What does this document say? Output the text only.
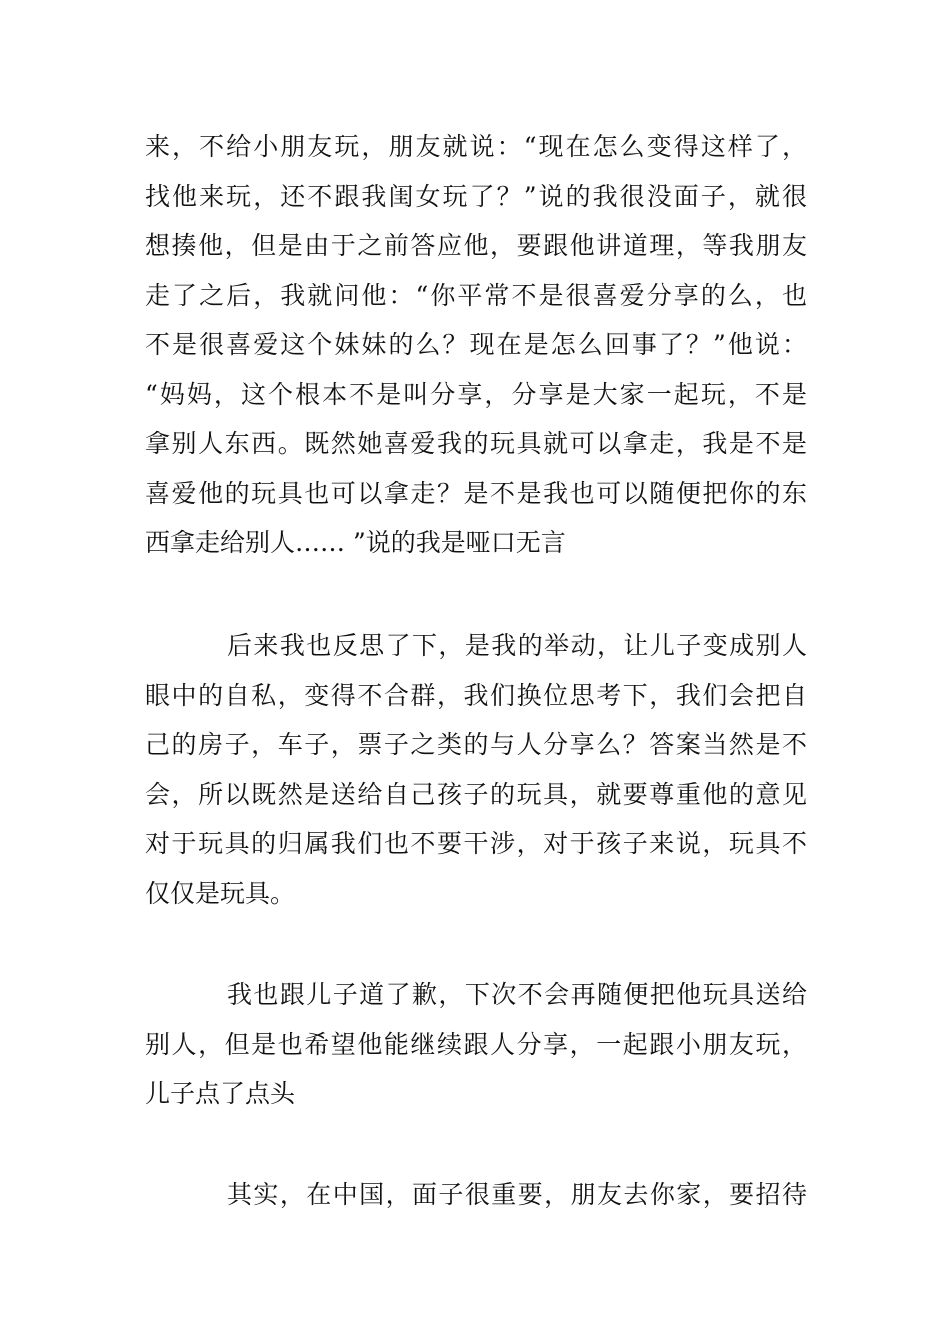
来，不给小朋友玩，朋友就说：“现在怎么变得这样了，
找他来玩，还不跟我闺女玩了？”说的我很没面子，就很
想揍他，但是由于之前答应他，要跟他讲道理，等我朋友
走了之后，我就问他：“你平常不是很喜爱分享的么，也
不是很喜爱这个妹妹的么？现在是怎么回事了？”他说：
“妈妈，这个根本不是叫分享，分享是大家一起玩，不是
拿别人东西。既然她喜爱我的玩具就可以拿走，我是不是
喜爱他的玩具也可以拿走？是不是我也可以随便把你的东
西拿走给别人…… ”说的我是哑口无言
后来我也反思了下，是我的举动，让儿子变成别人
眼中的自私，变得不合群，我们换位思考下，我们会把自
己的房子，车子，票子之类的与人分享么？答案当然是不
会，所以既然是送给自己孩子的玩具，就要尊重他的意见
对于玩具的归属我们也不要干涉，对于孩子来说，玩具不
仅仅是玩具。
我也跟儿子道了歉，下次不会再随便把他玩具送给
别人，但是也希望他能继续跟人分享，一起跟小朋友玩，
儿子点了点头
其实，在中国，面子很重要，朋友去你家，要招待
